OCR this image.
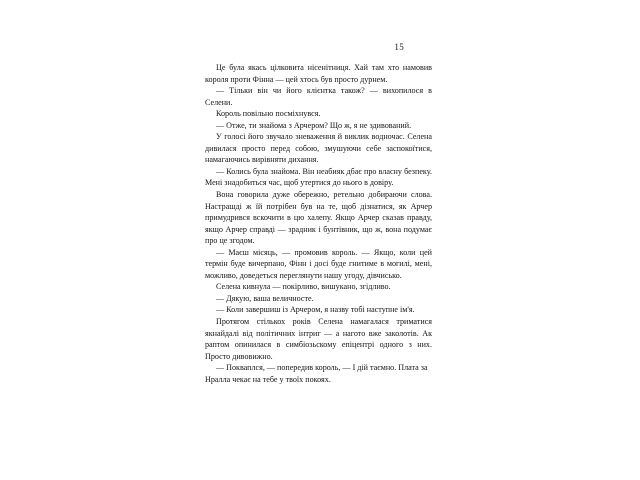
15

Це була якась цілковита нісенітниця. Хай там хто намовив короля проти Фінна — цей хтось був просто дурнем.

— Тільки він чи його клієнтка також? — вихопилося в Селени.

Король повільно посміхнувся.

— Отже, ти знайома з Арчером? Що ж, я не здивований.

У голосі його звучало зневаження й виклик водночас. Селена дивилася просто перед собою, змушуючи себе заспокоїтися, намагаючись вирівняти дихання.

— Колись була знайома. Він неабияк дбає про власну безпеку. Мені знадобиться час, щоб утертися до нього в довіру.

Вона говорила дуже обережно, ретельно добираючи слова. Настрашді ж їй потрібен був на те, щоб дізнатися, як Арчер примудрився вскочити в цю халепу. Якщо Арчер сказав правду, якщо Арчер справді — зрадник і бунтівник, що ж, вона подумає про це згодом.

— Маєш місяць, — промовив король. — Якщо, коли цей термін буде вичерпано, Фінн і досі буде гнитиме в могилі, мені, можливо, доведеться переглянути нашу угоду, дівчисько.

Селена кивнула — покірливо, вишукано, згідливо.

— Дякую, ваша величносте.

— Коли завершиш із Арчером, я назву тобі наступне ім'я.

Протягом стількох років Селена намагалася триматися якнайдалі від політичних інтриг — а нагото вже заколотів. Ак раптом опинилася в симбіозьскому епіцентрі одного з них. Просто дивовижно.

— Покваплся, — попередив король, — І дій таємно. Плата за Нралла чекає на тебе у твоїх покоях.
